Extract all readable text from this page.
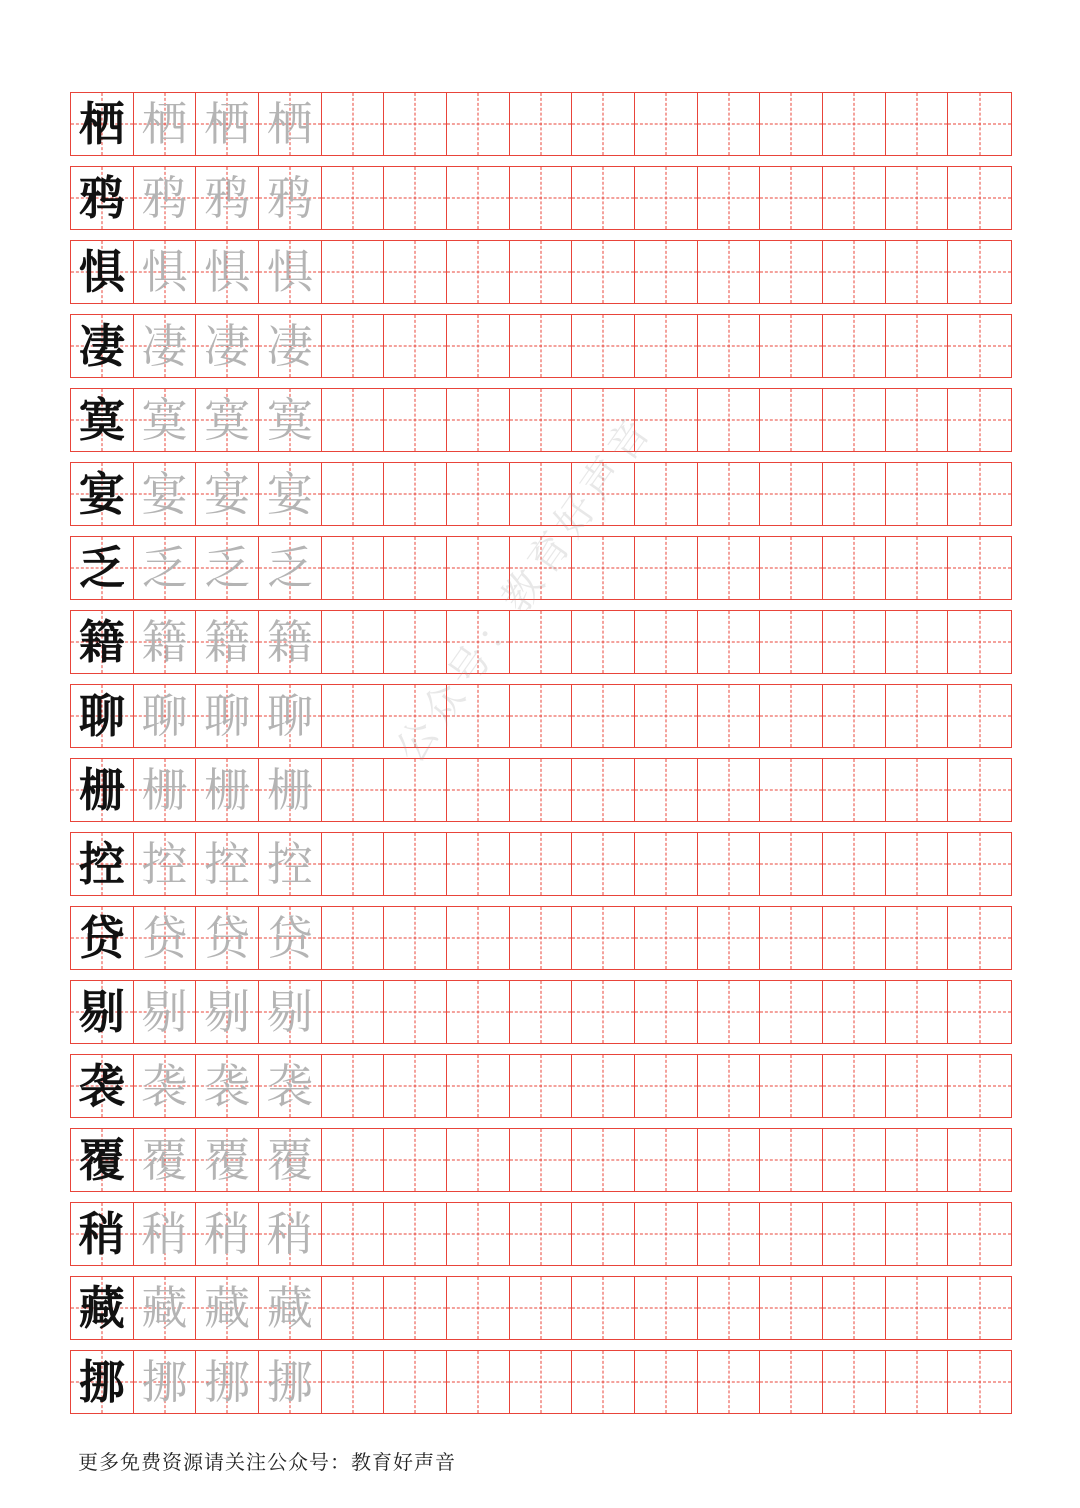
栖 栖 栖 栖
鸦 鸦 鸦 鸦
惧 惧 惧 惧
凄 凄 凄 凄
寞 寞 寞 寞
宴 宴 宴 宴
乏 乏 乏 乏
籍 籍 籍 籍
聊 聊 聊 聊
栅 栅 栅 栅
控 控 控 控
贷 贷 贷 贷
剔 剔 剔 剔
袭 袭 袭 袭
覆 覆 覆 覆
稍 稍 稍 稍
藏 藏 藏 藏
挪 挪 挪 挪
公众号：教育好声音
更多免费资源请关注公众号：教育好声音
